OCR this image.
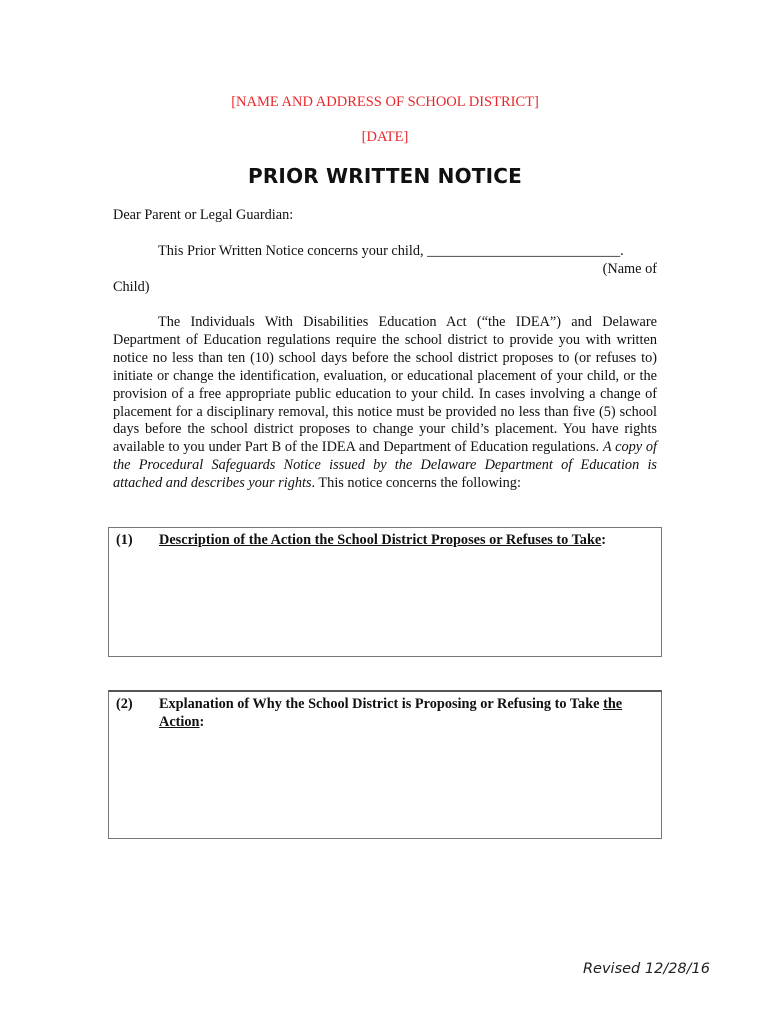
[NAME AND ADDRESS OF SCHOOL DISTRICT]
[DATE]
PRIOR WRITTEN NOTICE
Dear Parent or Legal Guardian:
This Prior Written Notice concerns your child, ___________________________.
(Name of
Child)
The Individuals With Disabilities Education Act (“the IDEA”) and Delaware Department of Education regulations require the school district to provide you with written notice no less than ten (10) school days before the school district proposes to (or refuses to) initiate or change the identification, evaluation, or educational placement of your child, or the provision of a free appropriate public education to your child. In cases involving a change of placement for a disciplinary removal, this notice must be provided no less than five (5) school days before the school district proposes to change your child’s placement. You have rights available to you under Part B of the IDEA and Department of Education regulations. A copy of the Procedural Safeguards Notice issued by the Delaware Department of Education is attached and describes your rights. This notice concerns the following:
(1) Description of the Action the School District Proposes or Refuses to Take:
(2) Explanation of Why the School District is Proposing or Refusing to Take the Action:
Revised 12/28/16
